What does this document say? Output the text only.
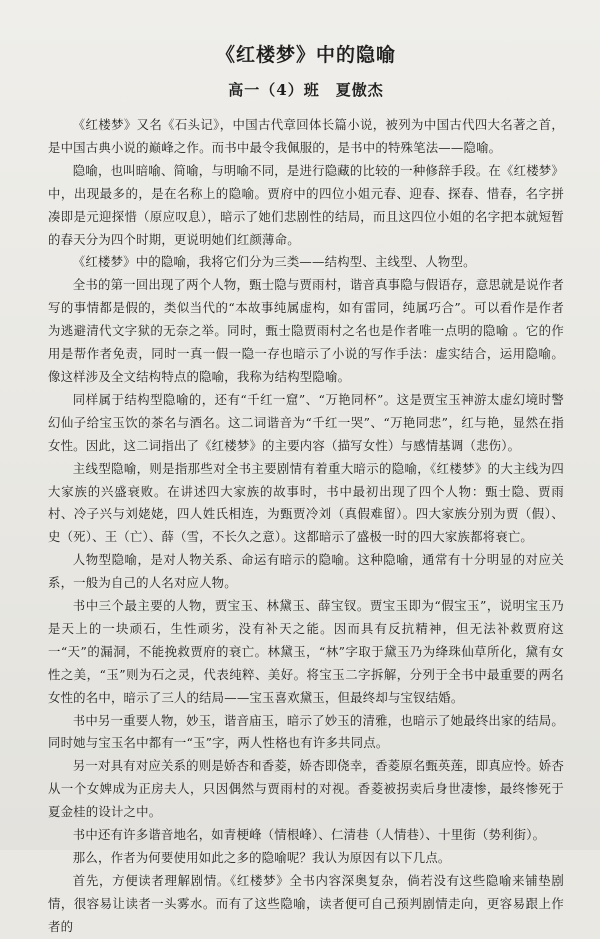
《红楼梦》中的隐喻
高一（4）班　夏傲杰

《红楼梦》又名《石头记》，中国古代章回体长篇小说，被列为中国古代四大名著之首，是中国古典小说的巅峰之作。而书中最令我佩服的，是书中的特殊笔法——隐喻。

隐喻，也叫暗喻、简喻，与明喻不同，是进行隐藏的比较的一种修辞手段。在《红楼梦》中，出现最多的，是在名称上的隐喻。贾府中的四位小姐元春、迎春、探春、惜春，名字拼凑即是元迎探惜（原应叹息），暗示了她们悲剧性的结局，而且这四位小姐的名字把本就短暂的春天分为四个时期，更说明她们红颜薄命。

《红楼梦》中的隐喻，我将它们分为三类——结构型、主线型、人物型。

全书的第一回出现了两个人物，甄士隐与贾雨村，谐音真事隐与假语存，意思就是说作者写的事情都是假的，类似当代的“本故事纯属虚构，如有雷同，纯属巧合”。可以看作是作者为逃避清代文字狱的无奈之举。同时，甄士隐贾雨村之名也是作者唯一点明的隐喻 。它的作用是帮作者免责，同时一真一假一隐一存也暗示了小说的写作手法：虚实结合，运用隐喻。像这样涉及全文结构特点的隐喻，我称为结构型隐喻。

同样属于结构型隐喻的，还有“千红一窟”、“万艳同杯”。这是贾宝玉神游太虚幻境时警幻仙子给宝玉饮的茶名与酒名。这二词谐音为“千红一哭”、“万艳同悲”，红与艳，显然在指女性。因此，这二词指出了《红楼梦》的主要内容（描写女性）与感情基调（悲伤）。

主线型隐喻，则是指那些对全书主要剧情有着重大暗示的隐喻，《红楼梦》的大主线为四大家族的兴盛衰败。在讲述四大家族的故事时，书中最初出现了四个人物：甄士隐、贾雨村、冷子兴与刘姥姥，四人姓氏相连，为甄贾冷刘（真假难留）。四大家族分别为贾（假）、史（死）、王（亡）、薛（雪，不长久之意）。这都暗示了盛极一时的四大家族都将衰亡。

人物型隐喻，是对人物关系、命运有暗示的隐喻。这种隐喻，通常有十分明显的对应关系，一般为自己的人名对应人物。

书中三个最主要的人物，贾宝玉、林黛玉、薛宝钗。贾宝玉即为“假宝玉”，说明宝玉乃是天上的一块顽石，生性顽劣，没有补天之能。因而具有反抗精神，但无法补救贾府这一“天”的漏洞，不能挽救贾府的衰亡。林黛玉，“林”字取于黛玉乃为绛珠仙草所化，黛有女性之美，“玉”则为石之灵，代表纯粹、美好。将宝玉二字拆解，分列于全书中最重要的两名女性的名中，暗示了三人的结局——宝玉喜欢黛玉，但最终却与宝钗结婚。

书中另一重要人物，妙玉，谐音庙玉，暗示了妙玉的清雅，也暗示了她最终出家的结局。同时她与宝玉名中都有一“玉”字，两人性格也有许多共同点。

另一对具有对应关系的则是娇杏和香菱，娇杏即侥幸，香菱原名甄英莲，即真应怜。娇杏从一个女婢成为正房夫人，只因偶然与贾雨村的对视。香菱被拐卖后身世凄惨，最终惨死于夏金桂的设计之中。

书中还有许多谐音地名，如青梗峰（情根峰）、仁清巷（人情巷）、十里街（势利街）。

那么，作者为何要使用如此之多的隐喻呢？我认为原因有以下几点。

首先，方便读者理解剧情。《红楼梦》全书内容深奥复杂，倘若没有这些隐喻来铺垫剧情，很容易让读者一头雾水。而有了这些隐喻，读者便可自己预判剧情走向，更容易跟上作者的
